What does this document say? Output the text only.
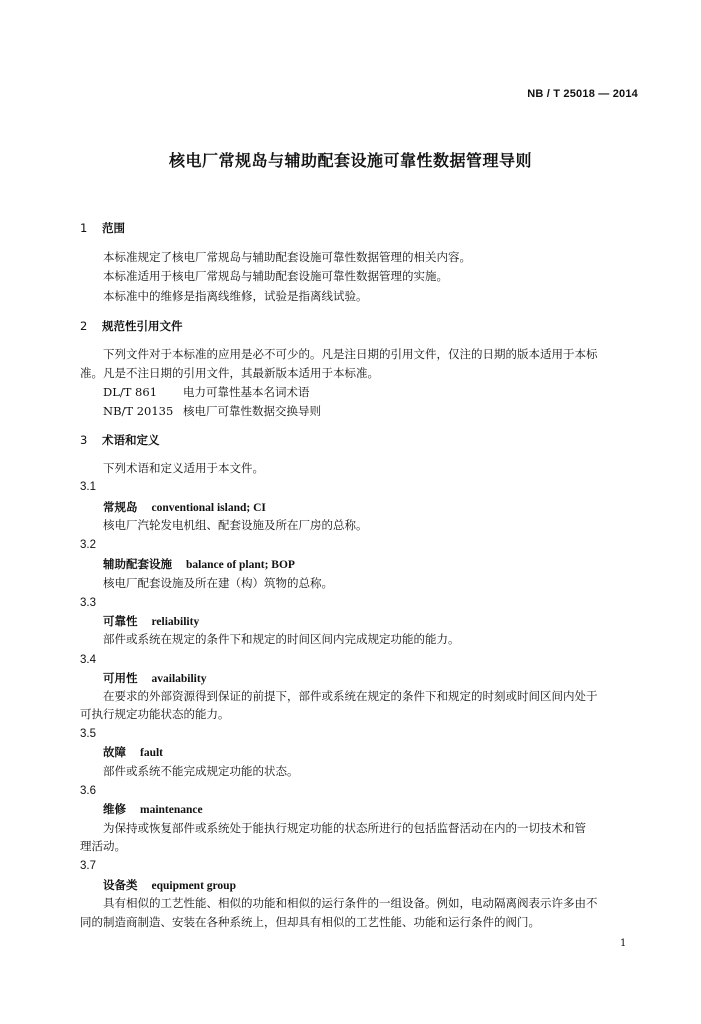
NB / T 25018 — 2014
核电厂常规岛与辅助配套设施可靠性数据管理导则
1 范围
本标准规定了核电厂常规岛与辅助配套设施可靠性数据管理的相关内容。
本标准适用于核电厂常规岛与辅助配套设施可靠性数据管理的实施。
本标准中的维修是指离线维修，试验是指离线试验。
2 规范性引用文件
下列文件对于本标准的应用是必不可少的。凡是注日期的引用文件，仅注的日期的版本适用于本标
准。凡是不注日期的引用文件，其最新版本适用于本标准。
DL/T 861 电力可靠性基本名词术语
NB/T 20135 核电厂可靠性数据交换导则
3 术语和定义
下列术语和定义适用于本文件。
3.1
常规岛 conventional island; CI
核电厂汽轮发电机组、配套设施及所在厂房的总称。
3.2
辅助配套设施 balance of plant; BOP
核电厂配套设施及所在建（构）筑物的总称。
3.3
可靠性 reliability
部件或系统在规定的条件下和规定的时间区间内完成规定功能的能力。
3.4
可用性 availability
在要求的外部资源得到保证的前提下，部件或系统在规定的条件下和规定的时刻或时间区间内处于
可执行规定功能状态的能力。
3.5
故障 fault
部件或系统不能完成规定功能的状态。
3.6
维修 maintenance
为保持或恢复部件或系统处于能执行规定功能的状态所进行的包括监督活动在内的一切技术和管
理活动。
3.7
设备类 equipment group
具有相似的工艺性能、相似的功能和相似的运行条件的一组设备。例如，电动隔离阀表示许多由不
同的制造商制造、安装在各种系统上，但却具有相似的工艺性能、功能和运行条件的阀门。
1
